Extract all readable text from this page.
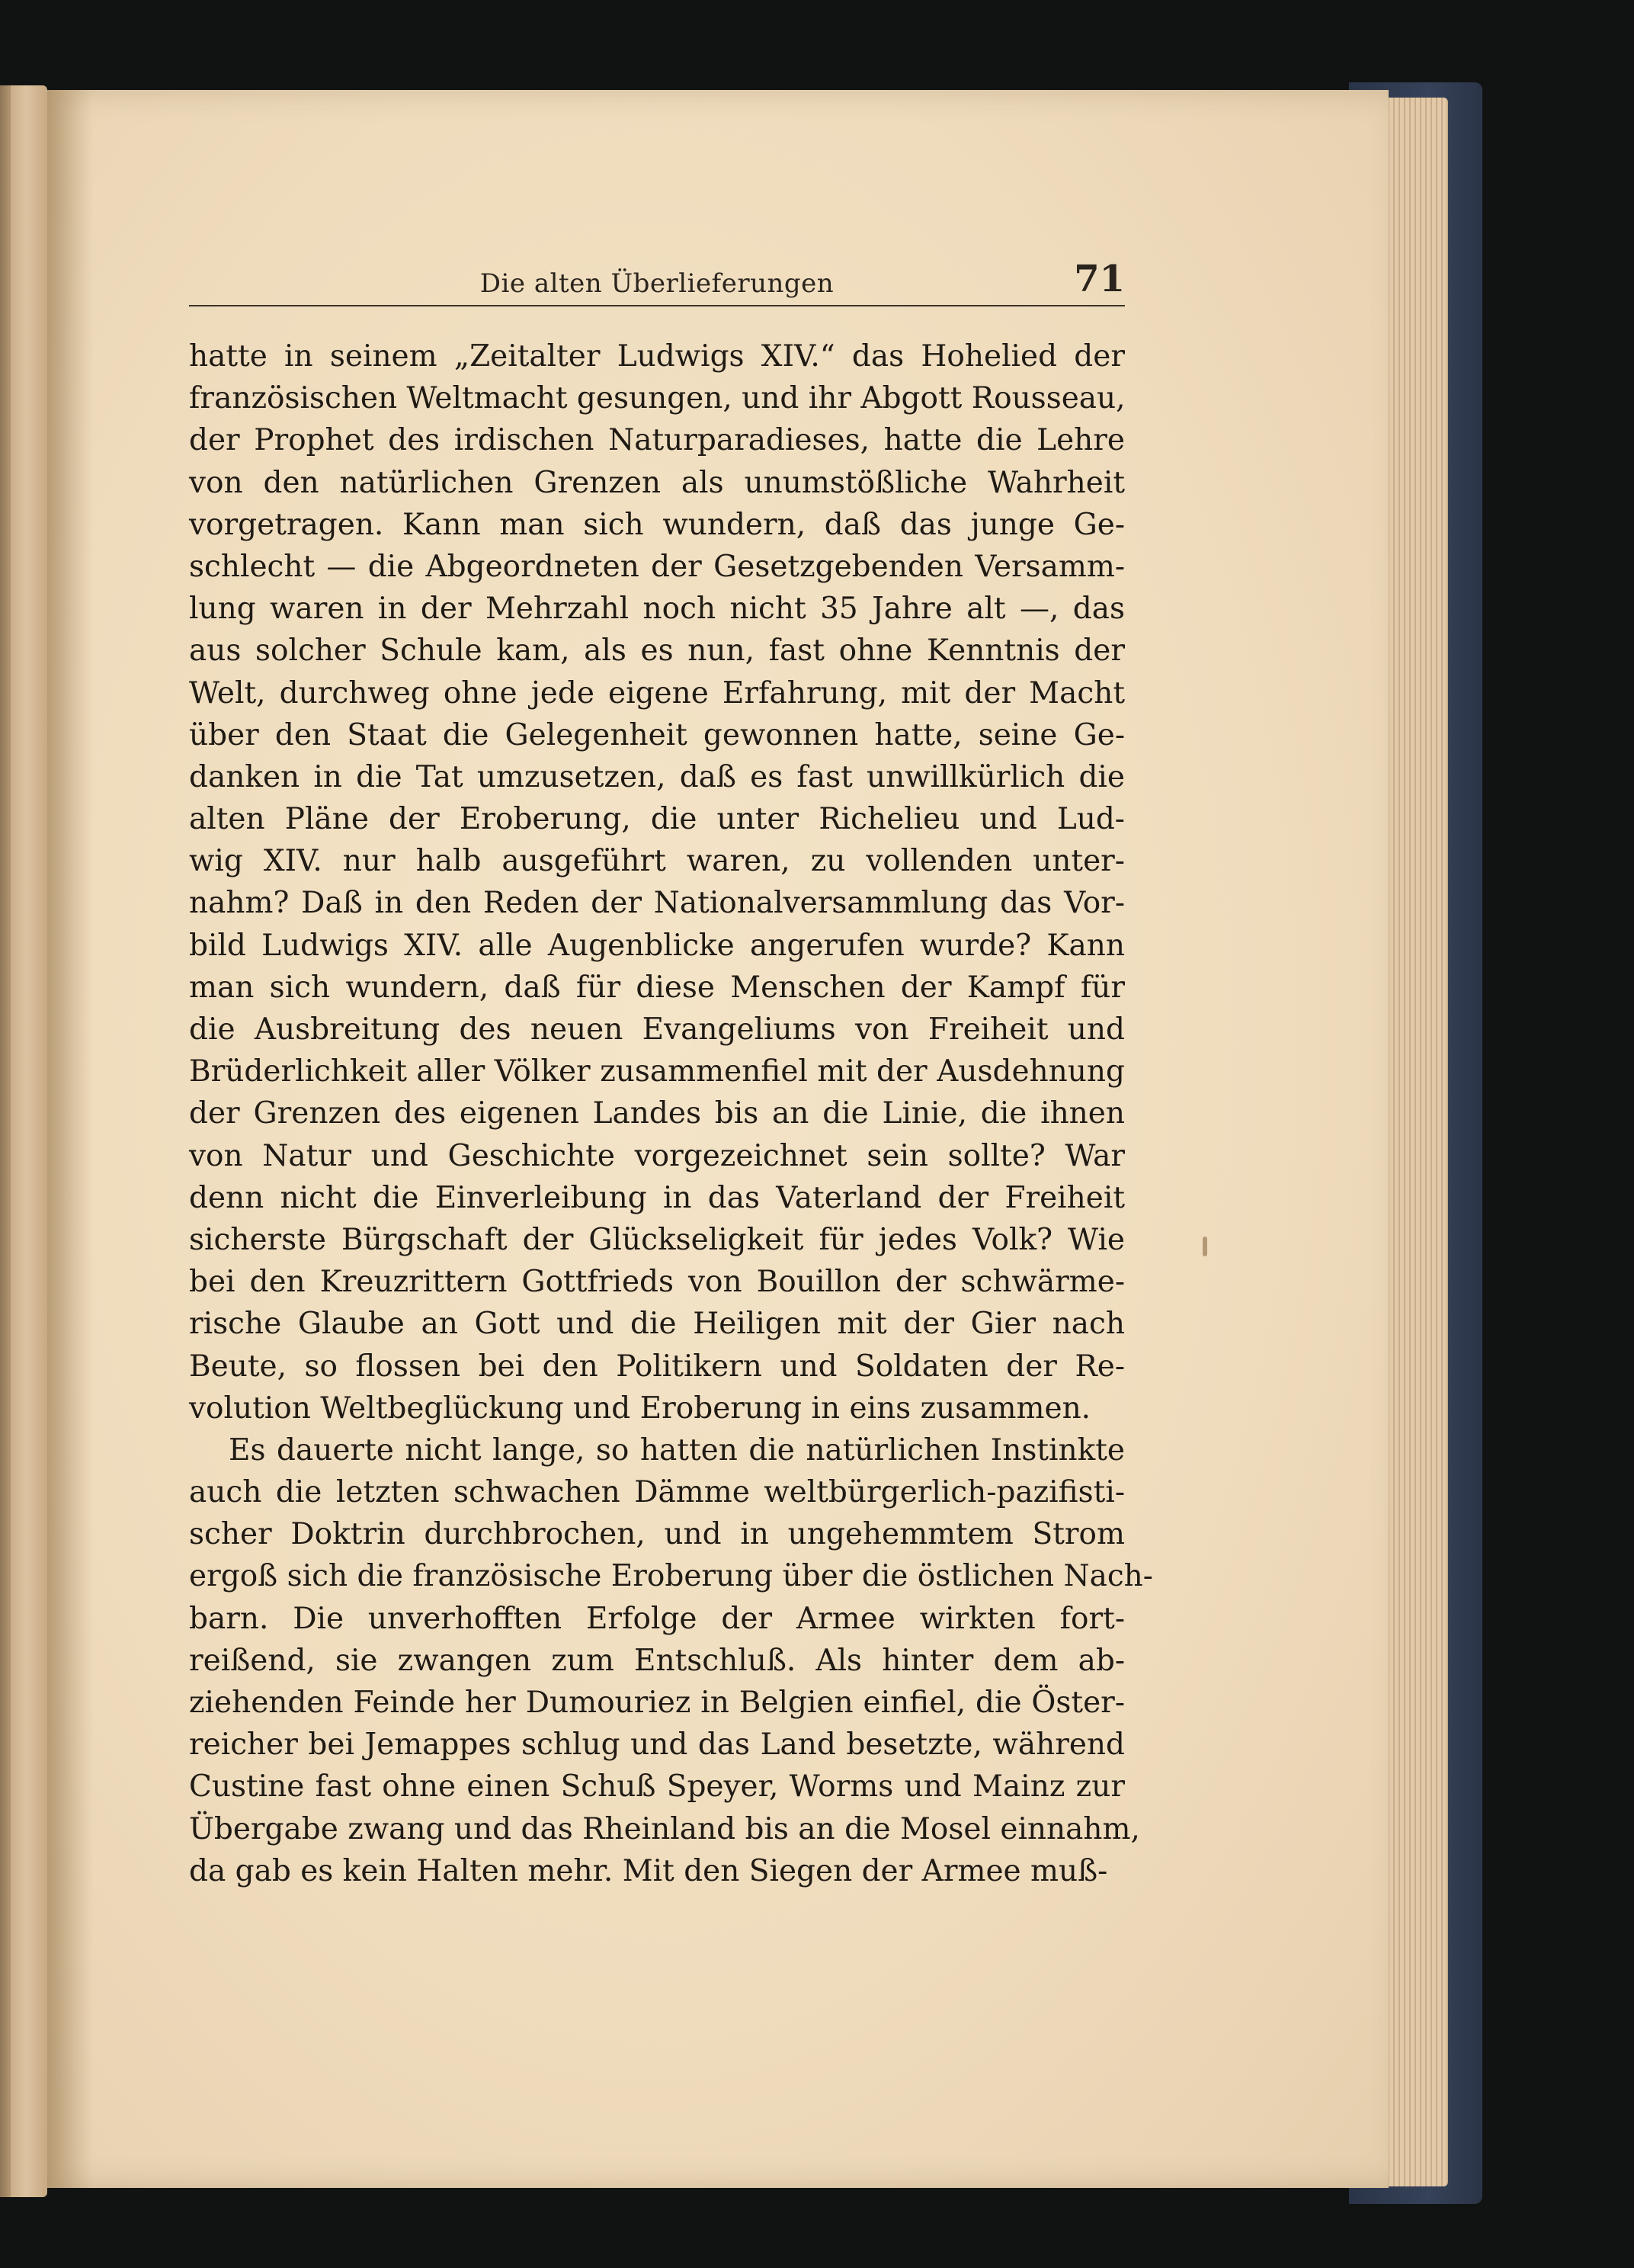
Die alten Überlieferungen	71
hatte in seinem „Zeitalter Ludwigs XIV.“ das Hohelied der
französischen Weltmacht gesungen, und ihr Abgott Rousseau,
der Prophet des irdischen Naturparadieses, hatte die Lehre
von den natürlichen Grenzen als unumstößliche Wahrheit
vorgetragen. Kann man sich wundern, daß das junge Ge-
schlecht — die Abgeordneten der Gesetzgebenden Versamm-
lung waren in der Mehrzahl noch nicht 35 Jahre alt —, das
aus solcher Schule kam, als es nun, fast ohne Kenntnis der
Welt, durchweg ohne jede eigene Erfahrung, mit der Macht
über den Staat die Gelegenheit gewonnen hatte, seine Ge-
danken in die Tat umzusetzen, daß es fast unwillkürlich die
alten Pläne der Eroberung, die unter Richelieu und Lud-
wig XIV. nur halb ausgeführt waren, zu vollenden unter-
nahm? Daß in den Reden der Nationalversammlung das Vor-
bild Ludwigs XIV. alle Augenblicke angerufen wurde? Kann
man sich wundern, daß für diese Menschen der Kampf für
die Ausbreitung des neuen Evangeliums von Freiheit und
Brüderlichkeit aller Völker zusammenfiel mit der Ausdehnung
der Grenzen des eigenen Landes bis an die Linie, die ihnen
von Natur und Geschichte vorgezeichnet sein sollte? War
denn nicht die Einverleibung in das Vaterland der Freiheit
sicherste Bürgschaft der Glückseligkeit für jedes Volk? Wie
bei den Kreuzrittern Gottfrieds von Bouillon der schwärme-
rische Glaube an Gott und die Heiligen mit der Gier nach
Beute, so flossen bei den Politikern und Soldaten der Re-
volution Weltbeglückung und Eroberung in eins zusammen.
Es dauerte nicht lange, so hatten die natürlichen Instinkte
auch die letzten schwachen Dämme weltbürgerlich-pazifisti-
scher Doktrin durchbrochen, und in ungehemmtem Strom
ergoß sich die französische Eroberung über die östlichen Nach-
barn. Die unverhofften Erfolge der Armee wirkten fort-
reißend, sie zwangen zum Entschluß. Als hinter dem ab-
ziehenden Feinde her Dumouriez in Belgien einfiel, die Öster-
reicher bei Jemappes schlug und das Land besetzte, während
Custine fast ohne einen Schuß Speyer, Worms und Mainz zur
Übergabe zwang und das Rheinland bis an die Mosel einnahm,
da gab es kein Halten mehr. Mit den Siegen der Armee muß-
